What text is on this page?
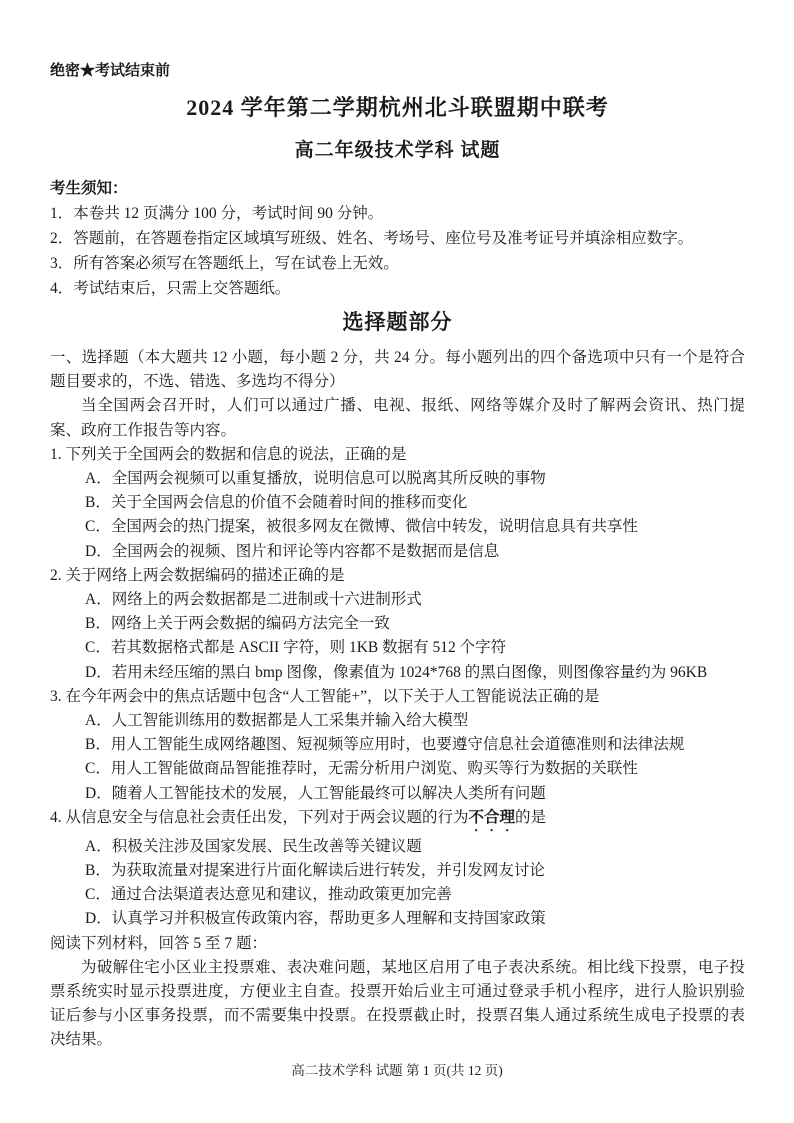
绝密★考试结束前
2024 学年第二学期杭州北斗联盟期中联考
高二年级技术学科 试题
考生须知：
1．本卷共 12 页满分 100 分，考试时间 90 分钟。
2．答题前，在答题卷指定区域填写班级、姓名、考场号、座位号及准考证号并填涂相应数字。
3．所有答案必须写在答题纸上，写在试卷上无效。
4．考试结束后，只需上交答题纸。
选择题部分

一、选择题（本大题共 12 小题，每小题 2 分，共 24 分。每小题列出的四个备选项中只有一个是符合题目要求的，不选、错选、多选均不得分）

当全国两会召开时，人们可以通过广播、电视、报纸、网络等媒介及时了解两会资讯、热门提案、政府工作报告等内容。

1. 下列关于全国两会的数据和信息的说法，正确的是
A．全国两会视频可以重复播放，说明信息可以脱离其所反映的事物
B．关于全国两会信息的价值不会随着时间的推移而变化
C．全国两会的热门提案，被很多网友在微博、微信中转发，说明信息具有共享性
D．全国两会的视频、图片和评论等内容都不是数据而是信息
2. 关于网络上两会数据编码的描述正确的是
A．网络上的两会数据都是二进制或十六进制形式
B．网络上关于两会数据的编码方法完全一致
C．若其数据格式都是 ASCII 字符，则 1KB 数据有 512 个字符
D．若用未经压缩的黑白 bmp 图像，像素值为 1024*768 的黑白图像，则图像容量约为 96KB
3. 在今年两会中的焦点话题中包含“人工智能+”，以下关于人工智能说法正确的是
A．人工智能训练用的数据都是人工采集并输入给大模型
B．用人工智能生成网络趣图、短视频等应用时，也要遵守信息社会道德准则和法律法规
C．用人工智能做商品智能推荐时，无需分析用户浏览、购买等行为数据的关联性
D．随着人工智能技术的发展，人工智能最终可以解决人类所有问题
4. 从信息安全与信息社会责任出发，下列对于两会议题的行为不合理的是
A．积极关注涉及国家发展、民生改善等关键议题
B．为获取流量对提案进行片面化解读后进行转发，并引发网友讨论
C．通过合法渠道表达意见和建议，推动政策更加完善
D．认真学习并积极宣传政策内容，帮助更多人理解和支持国家政策
阅读下列材料，回答 5 至 7 题：

为破解住宅小区业主投票难、表决难问题，某地区启用了电子表决系统。相比线下投票，电子投票系统实时显示投票进度，方便业主自查。投票开始后业主可通过登录手机小程序，进行人脸识别验证后参与小区事务投票，而不需要集中投票。在投票截止时，投票召集人通过系统生成电子投票的表决结果。

高二技术学科 试题 第 1 页(共 12 页)
